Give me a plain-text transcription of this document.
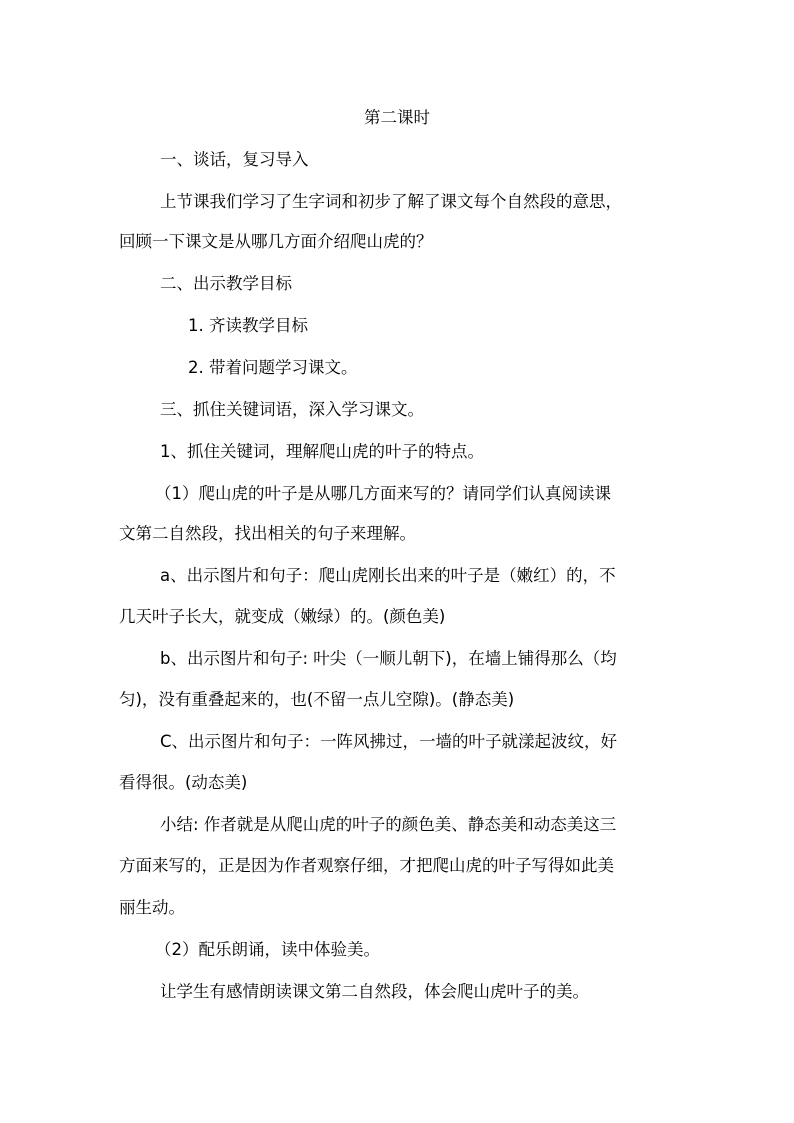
第二课时
一、谈话，复习导入
上节课我们学习了生字词和初步了解了课文每个自然段的意思，
回顾一下课文是从哪几方面介绍爬山虎的？
二、出示教学目标
1. 齐读教学目标
2. 带着问题学习课文。
三、抓住关键词语，深入学习课文。
1、抓住关键词，理解爬山虎的叶子的特点。
（1）爬山虎的叶子是从哪几方面来写的？请同学们认真阅读课
文第二自然段，找出相关的句子来理解。
a、出示图片和句子：爬山虎刚长出来的叶子是（嫩红）的，不
几天叶子长大，就变成（嫩绿）的。(颜色美)
b、出示图片和句子: 叶尖（一顺儿朝下)，在墙上铺得那么（均
匀)，没有重叠起来的，也(不留一点儿空隙)。(静态美)
C、出示图片和句子：一阵风拂过，一墙的叶子就漾起波纹，好
看得很。(动态美)
小结: 作者就是从爬山虎的叶子的颜色美、静态美和动态美这三
方面来写的，正是因为作者观察仔细，才把爬山虎的叶子写得如此美
丽生动。
（2）配乐朗诵，读中体验美。
让学生有感情朗读课文第二自然段，体会爬山虎叶子的美。
